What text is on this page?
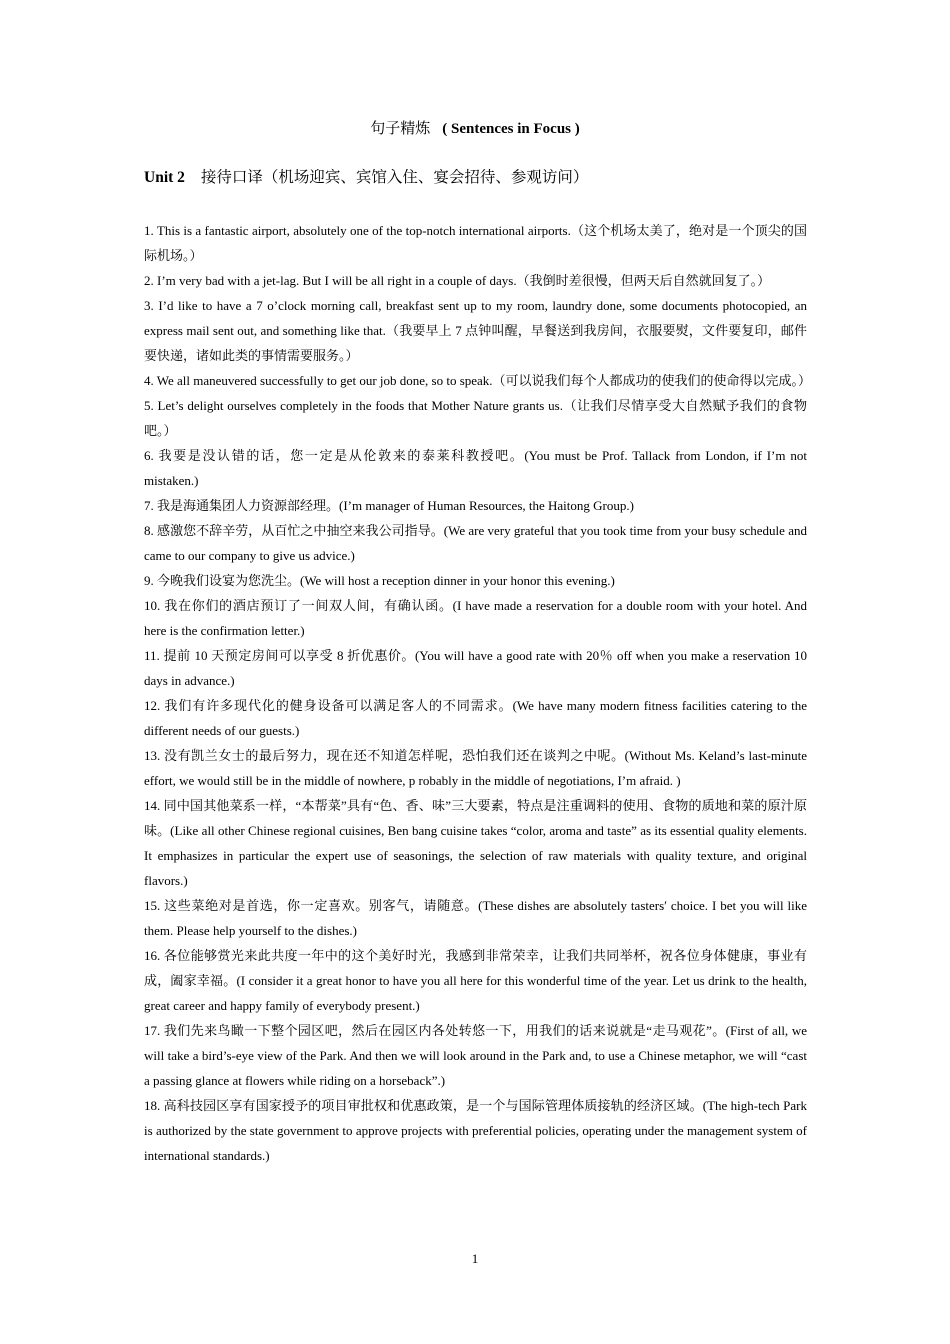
句子精炼 ( Sentences in Focus )
Unit 2 接待口译（机场迎宾、宾馆入住、宴会招待、参观访问）

1. This is a fantastic airport, absolutely one of the top-notch international airports.（这个机场太美了，绝对是一个顶尖的国际机场。）

2. I’m very bad with a jet-lag. But I will be all right in a couple of days.（我倒时差很慢，但两天后自然就回复了。）

3. I’d like to have a 7 o’clock morning call, breakfast sent up to my room, laundry done, some documents photocopied, an express mail sent out, and something like that.（我要早上 7 点钟叫醒，早餐送到我房间，衣服要熨，文件要复印，邮件要快递，诸如此类的事情需要服务。）

4. We all maneuvered successfully to get our job done, so to speak.（可以说我们每个人都成功的使我们的使命得以完成。）

5. Let’s delight ourselves completely in the foods that Mother Nature grants us.（让我们尽情享受大自然赋予我们的食物吧。）

6. 我要是没认错的话，您一定是从伦敦来的泰莱科教授吧。(You must be Prof. Tallack from London, if I’m not mistaken.)

7. 我是海通集团人力资源部经理。(I’m manager of Human Resources, the Haitong Group.)

8. 感激您不辞辛劳，从百忙之中抽空来我公司指导。(We are very grateful that you took time from your busy schedule and came to our company to give us advice.)

9. 今晚我们设宴为您洗尘。(We will host a reception dinner in your honor this evening.)

10. 我在你们的酒店预订了一间双人间，有确认函。(I have made a reservation for a double room with your hotel. And here is the confirmation letter.)

11. 提前 10 天预定房间可以享受 8 折优惠价。(You will have a good rate with 20％ off when you make a reservation 10 days in advance.)

12. 我们有许多现代化的健身设备可以满足客人的不同需求。(We have many modern fitness facilities catering to the different needs of our guests.)

13. 没有凯兰女士的最后努力，现在还不知道怎样呢，恐怕我们还在谈判之中呢。(Without Ms. Keland’s last-minute effort, we would still be in the middle of nowhere, p robably in the middle of negotiations, I’m afraid. )

14. 同中国其他菜系一样，“本帮菜”具有“色、香、味”三大要素，特点是注重调料的使用、食物的质地和菜的原汁原味。(Like all other Chinese regional cuisines, Ben bang cuisine takes “color, aroma and taste” as its essential quality elements. It emphasizes in particular the expert use of seasonings, the selection of raw materials with quality texture, and original flavors.)

15. 这些菜绝对是首选，你一定喜欢。别客气，请随意。(These dishes are absolutely tasters′ choice. I bet you will like them. Please help yourself to the dishes.)

16. 各位能够赏光来此共度一年中的这个美好时光，我感到非常荣幸，让我们共同举杯，祝各位身体健康，事业有成，阖家幸福。(I consider it a great honor to have you all here for this wonderful time of the year. Let us drink to the health, great career and happy family of everybody present.)

17. 我们先来鸟瞰一下整个园区吧，然后在园区内各处转悠一下，用我们的话来说就是“走马观花”。(First of all, we will take a bird’s-eye view of the Park. And then we will look around in the Park and, to use a Chinese metaphor, we will “cast a passing glance at flowers while riding on a horseback”.)

18. 高科技园区享有国家授予的项目审批权和优惠政策，是一个与国际管理体质接轨的经济区域。(The high-tech Park is authorized by the state government to approve projects with preferential policies, operating under the management system of international standards.)

1
